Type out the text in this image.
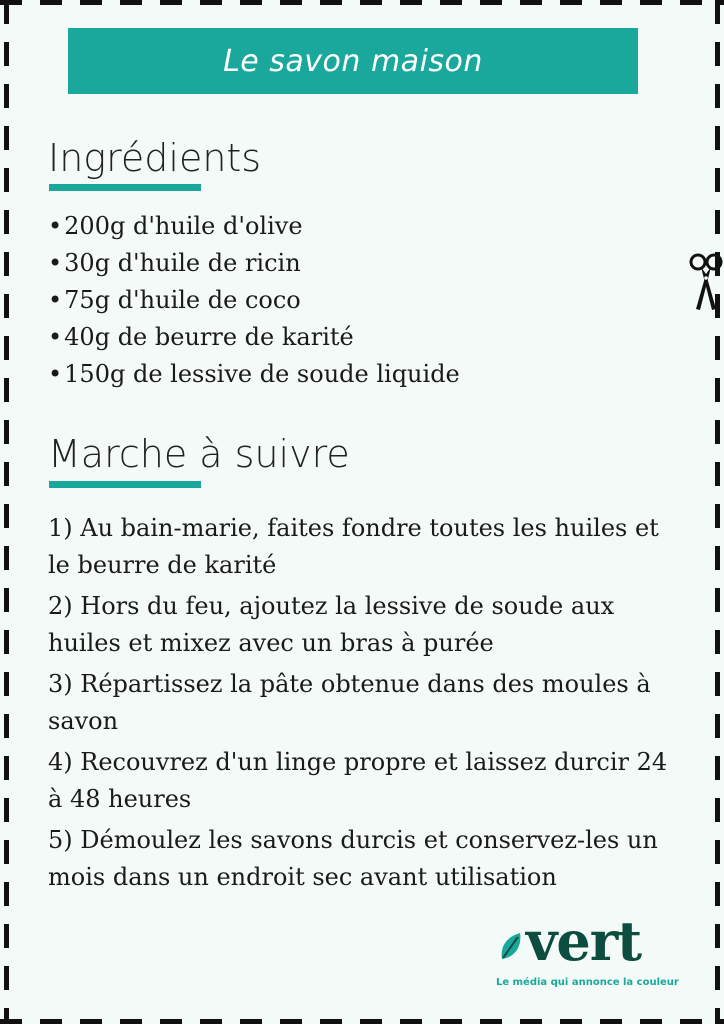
Le savon maison
Ingrédients
•200g d'huile d'olive
•30g d'huile de ricin
•75g d'huile de coco
•40g de beurre de karité
•150g de lessive de soude liquide
Marche à suivre
1) Au bain-marie, faites fondre toutes les huiles et le beurre de karité
2) Hors du feu, ajoutez la lessive de soude aux huiles et mixez avec un bras à purée
3) Répartissez la pâte obtenue dans des moules à savon
4) Recouvrez d'un linge propre et laissez durcir 24 à 48 heures
5) Démoulez les savons durcis et conservez-les un mois dans un endroit sec avant utilisation
vert
Le média qui annonce la couleur
